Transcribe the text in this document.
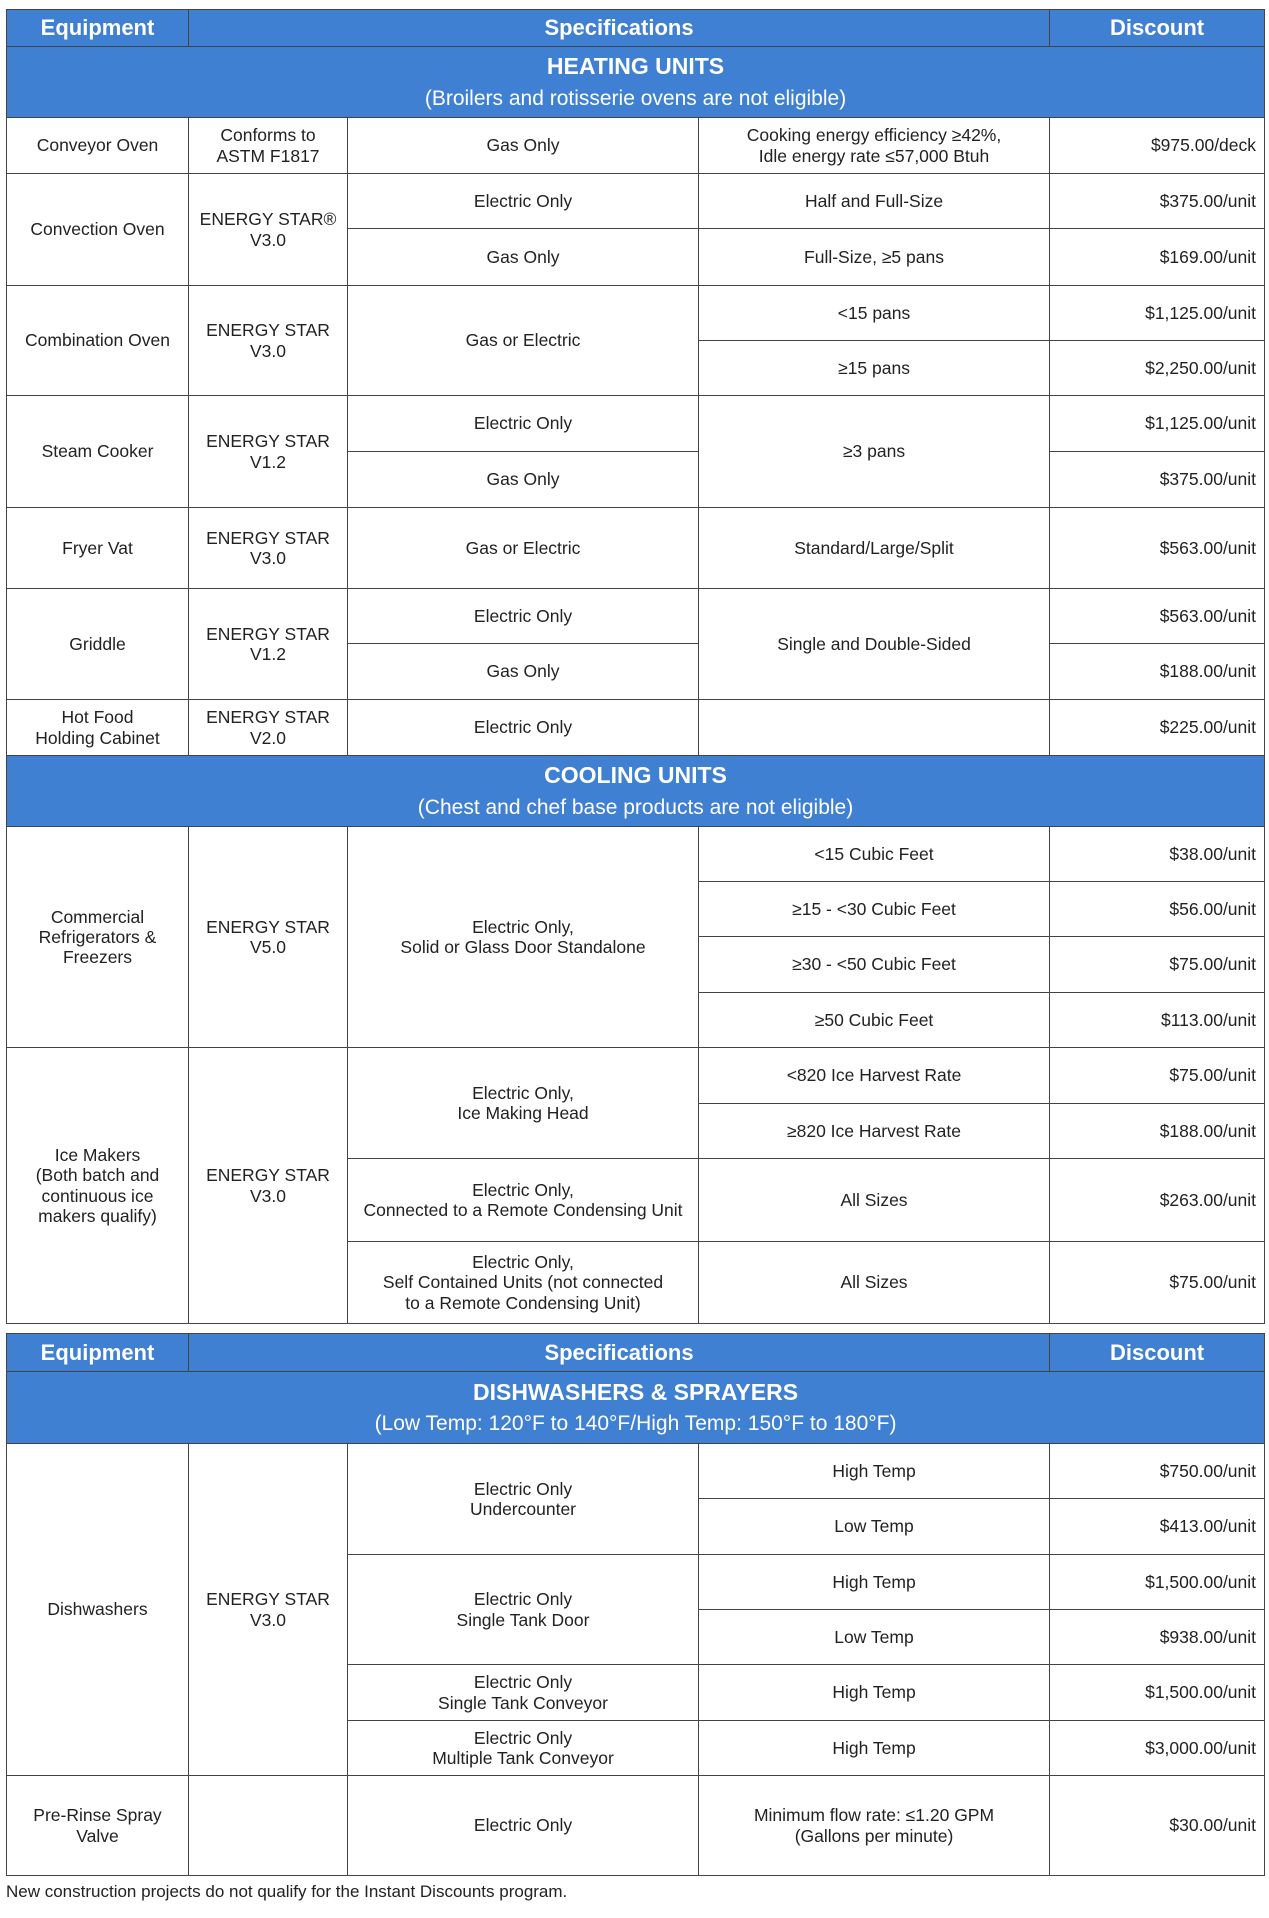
Equipment	Specifications			Discount
HEATING UNITS
(Broilers and rotisserie ovens are not eligible)				
Conveyor Oven	Conforms to
ASTM F1817	Gas Only	Cooking energy efficiency ≥42%,
Idle energy rate ≤57,000 Btuh	$975.00/deck
Convection Oven	ENERGY STAR®
V3.0	Electric Only	Half and Full-Size	$375.00/unit
		Gas Only	Full-Size, ≥5 pans	$169.00/unit
Combination Oven	ENERGY STAR
V3.0	Gas or Electric	<15 pans	$1,125.00/unit
			≥15 pans	$2,250.00/unit
Steam Cooker	ENERGY STAR
V1.2	Electric Only	≥3 pans	$1,125.00/unit
		Gas Only		$375.00/unit
Fryer Vat	ENERGY STAR
V3.0	Gas or Electric	Standard/Large/Split	$563.00/unit
Griddle	ENERGY STAR
V1.2	Electric Only	Single and Double-Sided	$563.00/unit
		Gas Only		$188.00/unit
Hot Food
Holding Cabinet	ENERGY STAR
V2.0	Electric Only		$225.00/unit
COOLING UNITS
(Chest and chef base products are not eligible)				
Commercial
Refrigerators &
Freezers	ENERGY STAR
V5.0	Electric Only,
Solid or Glass Door Standalone	<15 Cubic Feet	$38.00/unit
			≥15 - <30 Cubic Feet	$56.00/unit
			≥30 - <50 Cubic Feet	$75.00/unit
			≥50 Cubic Feet	$113.00/unit
Ice Makers
(Both batch and
continuous ice
makers qualify)	ENERGY STAR
V3.0	Electric Only,
Ice Making Head	<820 Ice Harvest Rate	$75.00/unit
			≥820 Ice Harvest Rate	$188.00/unit
		Electric Only,
Connected to a Remote Condensing Unit	All Sizes	$263.00/unit
		Electric Only,
Self Contained Units (not connected
to a Remote Condensing Unit)	All Sizes	$75.00/unit
Equipment	Specifications			Discount
DISHWASHERS & SPRAYERS
(Low Temp: 120°F to 140°F/High Temp: 150°F to 180°F)				
Dishwashers	ENERGY STAR
V3.0	Electric Only
Undercounter	High Temp	$750.00/unit
			Low Temp	$413.00/unit
		Electric Only
Single Tank Door	High Temp	$1,500.00/unit
			Low Temp	$938.00/unit
		Electric Only
Single Tank Conveyor	High Temp	$1,500.00/unit
		Electric Only
Multiple Tank Conveyor	High Temp	$3,000.00/unit
Pre-Rinse Spray
Valve		Electric Only	Minimum flow rate: ≤1.20 GPM
(Gallons per minute)	$30.00/unit
New construction projects do not qualify for the Instant Discounts program.
